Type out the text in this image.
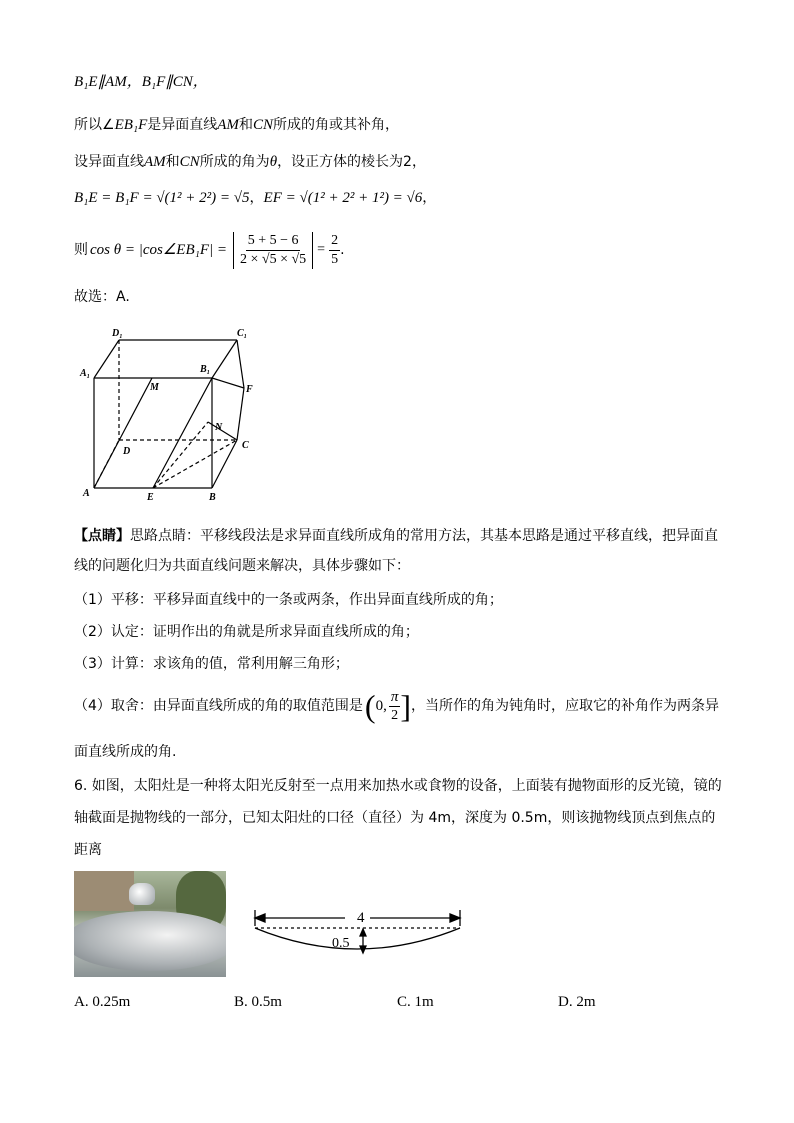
B₁E∥AM，B₁F∥CN，
所以∠EB₁F是异面直线AM和CN所成的角或其补角，
设异面直线AM和CN所成的角为θ，设正方体的棱长为2，
B₁E = B₁F = √(1² + 2²) = √5，EF = √(1² + 2² + 1²) = √6，
则 cos θ = |cos∠EB₁F| = $\frac{5 + 5 - 6}{2 \times √5 \times √5} = \frac{2}{5}$ .
故选：A.
D₁	C₁
A₁	B₁
M	F
N
D
C
A	E	B
【点睛】思路点睛：平移线段法是求异面直线所成角的常用方法，其基本思路是通过平移直线，把异面直
线的问题化归为共面直线问题来解决，具体步骤如下：
（1）平移：平移异面直线中的一条或两条，作出异面直线所成的角；
（2）认定：证明作出的角就是所求异面直线所成的角；
（3）计算：求该角的值，常利用解三角形；
（4）取舍：由异面直线所成的角的取值范围是 ( 0, $\frac{\pi}{2}$ ] ，当所作的角为钝角时，应取它的补角作为两条异
面直线所成的角.
6. 如图，太阳灶是一种将太阳光反射至一点用来加热水或食物的设备，上面装有抛物面形的反光镜，镜的
轴截面是抛物线的一部分，已知太阳灶的口径（直径）为 4m，深度为 0.5m，则该抛物线顶点到焦点的距离
4
0.5
A. 0.25m	B. 0.5m	C. 1m	D. 2m
